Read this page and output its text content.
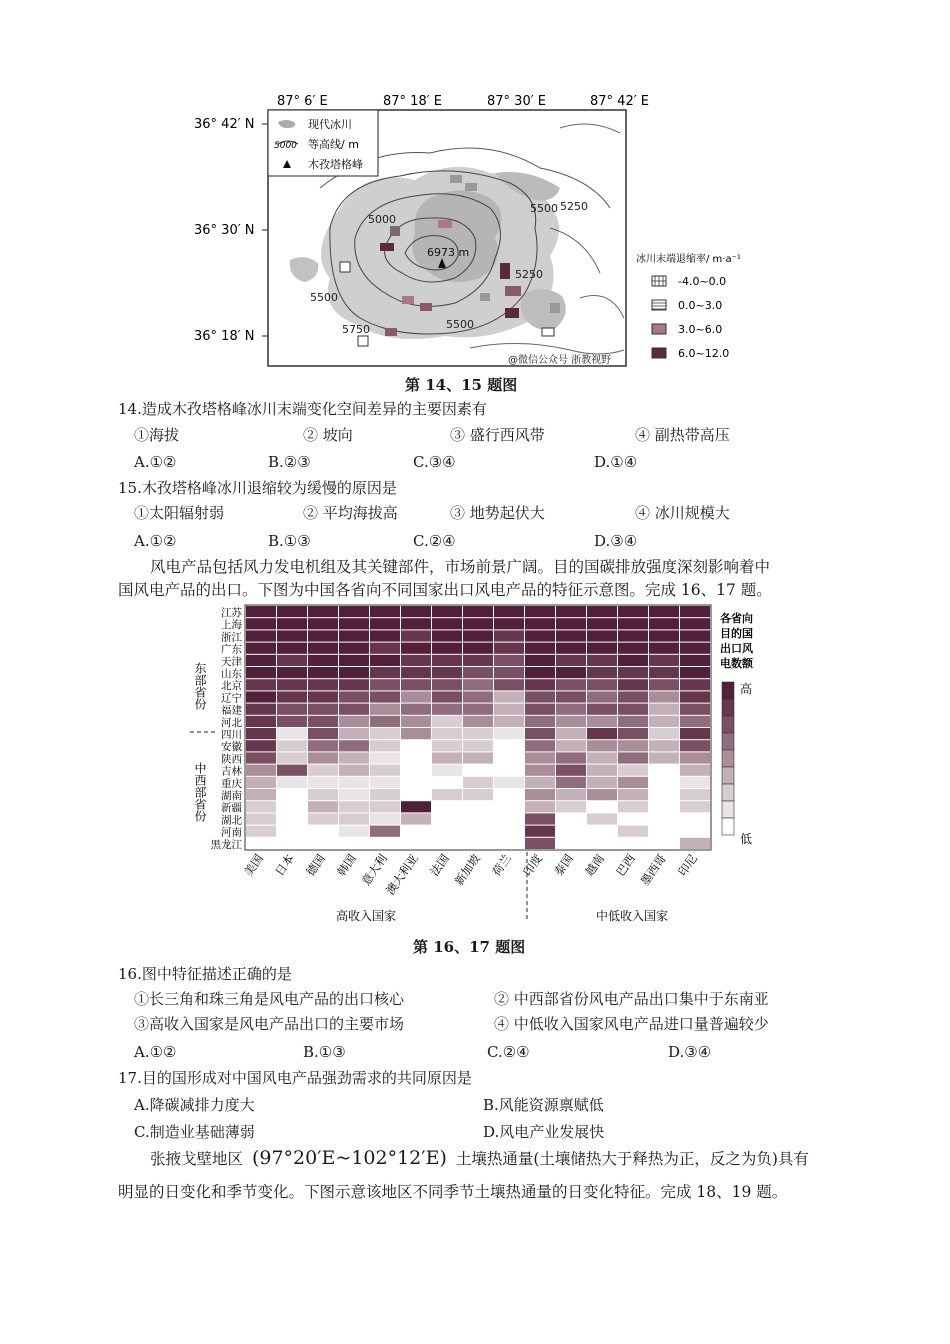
87° 6′ E	87° 18′ E	87° 30′ E	87° 42′ E
36° 42′ N
36° 30′ N
36° 18′ N
5000
5250
5500
5250
5500
5750	5500
6973 m
现代冰川
5000 等高线/ m
木孜塔格峰
@微信公众号 浙教视野
冰川末端退缩率/ m·a⁻¹
-4.0~0.0
0.0~3.0
3.0~6.0
6.0~12.0
第 14、15 题图
14.造成木孜塔格峰冰川末端变化空间差异的主要因素有
①海拔	② 坡向	③ 盛行西风带	④ 副热带高压
A.①②	B.②③	C.③④	D.①④
15.木孜塔格峰冰川退缩较为缓慢的原因是
①太阳辐射弱	② 平均海拔高	③ 地势起伏大	④ 冰川规模大
A.①②	B.①③	C.②④	D.③④
风电产品包括风力发电机组及其关键部件，市场前景广阔。目的国碳排放强度深刻影响着中
国风电产品的出口。下图为中国各省向不同国家出口风电产品的特征示意图。完成 16、17 题。
江苏
上海
浙江
广东
天津
山东
北京
辽宁
福建
河北
四川
安徽
陕西
吉林
重庆
湖南
新疆
湖北
河南
黑龙江
美国 日本 德国 韩国 意大利
澳大利亚 法国 新加坡 荷兰 印度 泰国 越南 巴西 墨西哥 印尼
东部省份
中西部省份
高收入国家	中低收入国家
各省向
目的国
出口风
电数额
高
低
第 16、17 题图
16.图中特征描述正确的是
①长三角和珠三角是风电产品的出口核心	② 中西部省份风电产品出口集中于东南亚
③高收入国家是风电产品出口的主要市场	④ 中低收入国家风电产品进口量普遍较少
A.①②	B.①③	C.②④	D.③④
17.目的国形成对中国风电产品强劲需求的共同原因是
A.降碳减排力度大	B.风能资源禀赋低
C.制造业基础薄弱	D.风电产业发展快
张掖戈壁地区 (97°20′E~102°12′E) 土壤热通量(土壤储热大于释热为正，反之为负)具有
明显的日变化和季节变化。下图示意该地区不同季节土壤热通量的日变化特征。完成 18、19 题。
